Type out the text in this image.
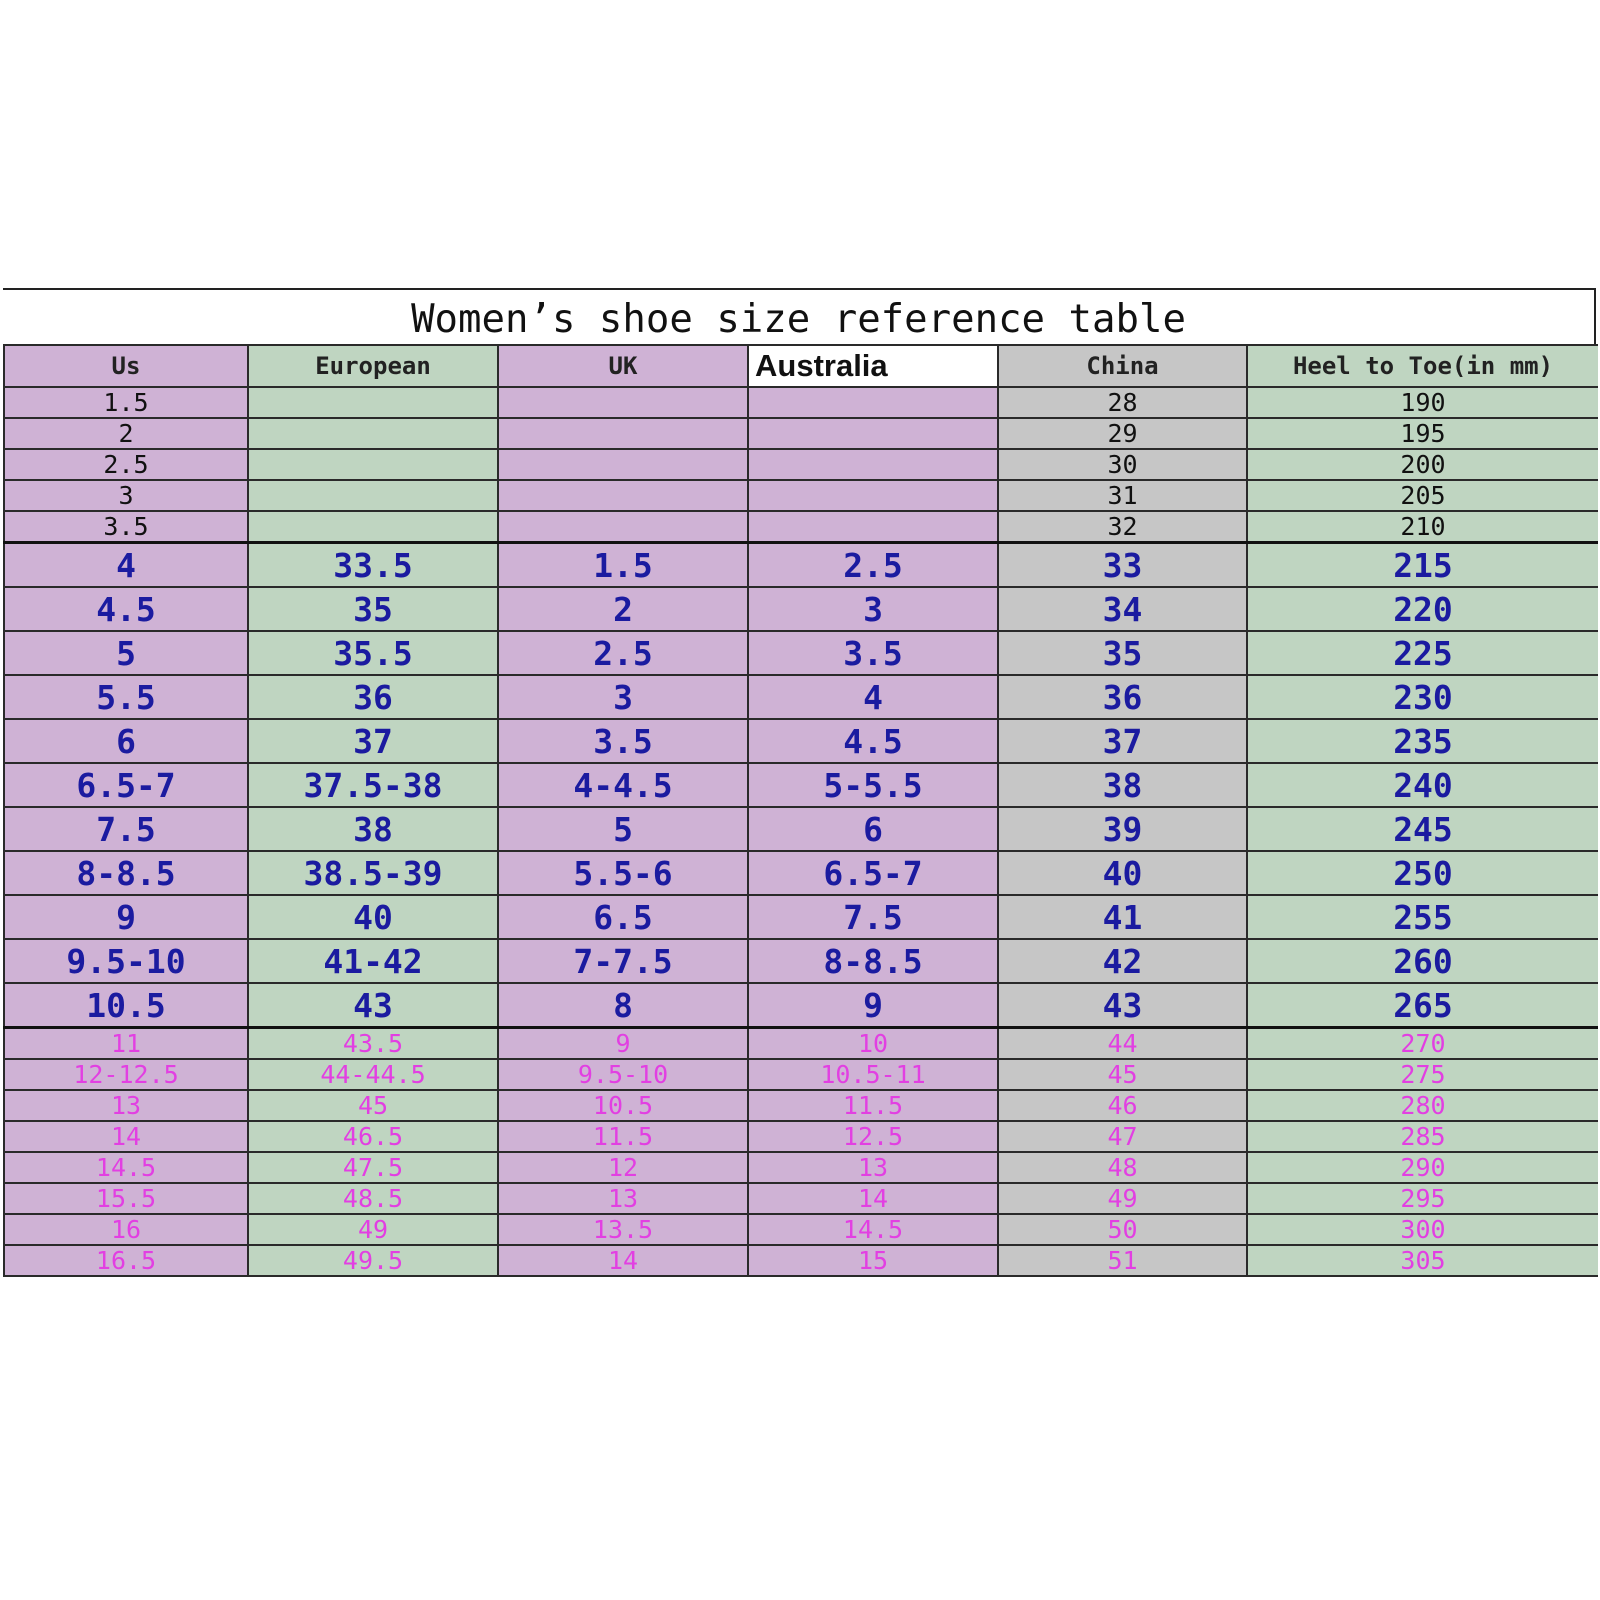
Women’s shoe size reference table
Us	European	UK	Australia	China	Heel to Toe(in mm)
1.5				28	190
2				29	195
2.5				30	200
3				31	205
3.5				32	210
4	33.5	1.5	2.5	33	215
4.5	35	2	3	34	220
5	35.5	2.5	3.5	35	225
5.5	36	3	4	36	230
6	37	3.5	4.5	37	235
6.5-7	37.5-38	4-4.5	5-5.5	38	240
7.5	38	5	6	39	245
8-8.5	38.5-39	5.5-6	6.5-7	40	250
9	40	6.5	7.5	41	255
9.5-10	41-42	7-7.5	8-8.5	42	260
10.5	43	8	9	43	265
11	43.5	9	10	44	270
12-12.5	44-44.5	9.5-10	10.5-11	45	275
13	45	10.5	11.5	46	280
14	46.5	11.5	12.5	47	285
14.5	47.5	12	13	48	290
15.5	48.5	13	14	49	295
16	49	13.5	14.5	50	300
16.5	49.5	14	15	51	305
